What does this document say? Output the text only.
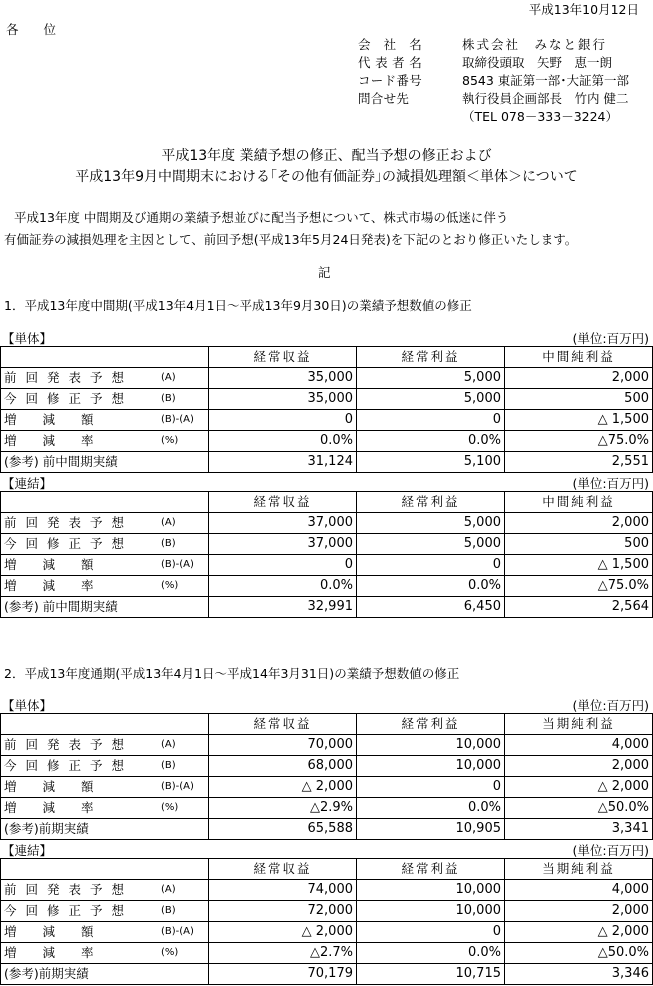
平成13年10月12日
各　　位
会　社　名	株式会社　みなと銀行
代 表 者 名	取締役頭取　矢野　恵一朗
コード番号	8543 東証第一部･大証第一部
問合せ先	執行役員企画部長　竹内 健二
	（TEL 078－333－3224）
平成13年度 業績予想の修正、配当予想の修正および
平成13年9月中間期末における｢その他有価証券｣の減損処理額＜単体＞について
平成13年度 中間期及び通期の業績予想並びに配当予想について、株式市場の低迷に伴う
有価証券の減損処理を主因として、前回予想(平成13年5月24日発表)を下記のとおり修正いたします。
記
1．平成13年度中間期(平成13年4月1日～平成13年9月30日)の業績予想数値の修正
【単体】	(単位:百万円)
	経常収益	経常利益	中間純利益
前回発表予想 (A)	35,000	5,000	2,000
今回修正予想 (B)	35,000	5,000	500
増減額 (B)-(A)	0	0	△ 1,500
増減率 (%)	0.0%	0.0%	△75.0%
(参考) 前中間期実績	31,124	5,100	2,551
【連結】	(単位:百万円)
	経常収益	経常利益	中間純利益
前回発表予想 (A)	37,000	5,000	2,000
今回修正予想 (B)	37,000	5,000	500
増減額 (B)-(A)	0	0	△ 1,500
増減率 (%)	0.0%	0.0%	△75.0%
(参考) 前中間期実績	32,991	6,450	2,564
2．平成13年度通期(平成13年4月1日～平成14年3月31日)の業績予想数値の修正
【単体】	(単位:百万円)
	経常収益	経常利益	当期純利益
前回発表予想 (A)	70,000	10,000	4,000
今回修正予想 (B)	68,000	10,000	2,000
増減額 (B)-(A)	△ 2,000	0	△ 2,000
増減率 (%)	△2.9%	0.0%	△50.0%
(参考)前期実績	65,588	10,905	3,341
【連結】	(単位:百万円)
	経常収益	経常利益	当期純利益
前回発表予想 (A)	74,000	10,000	4,000
今回修正予想 (B)	72,000	10,000	2,000
増減額 (B)-(A)	△ 2,000	0	△ 2,000
増減率 (%)	△2.7%	0.0%	△50.0%
(参考)前期実績	70,179	10,715	3,346
